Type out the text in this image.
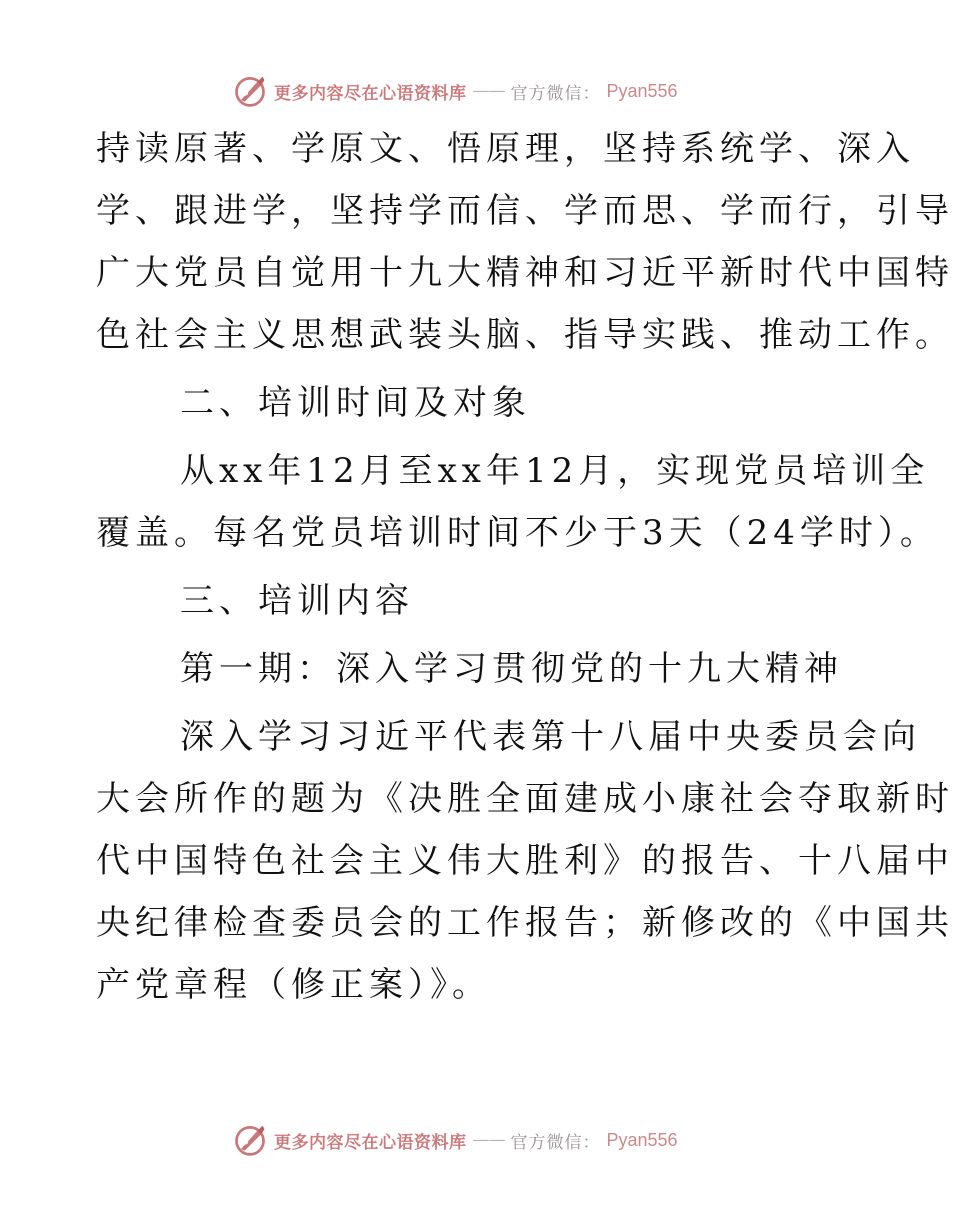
更多内容尽在心语资料库 —— 官方微信： Pyan556
持读原著、学原文、悟原理，坚持系统学、深入
学、跟进学，坚持学而信、学而思、学而行，引导
广大党员自觉用十九大精神和习近平新时代中国特
色社会主义思想武装头脑、指导实践、推动工作。
二、培训时间及对象
从xx年12月至xx年12月，实现党员培训全
覆盖。每名党员培训时间不少于3天（24学时）。
三、培训内容
第一期：深入学习贯彻党的十九大精神
深入学习习近平代表第十八届中央委员会向
大会所作的题为《决胜全面建成小康社会夺取新时
代中国特色社会主义伟大胜利》的报告、十八届中
央纪律检查委员会的工作报告；新修改的《中国共
产党章程（修正案）》。
更多内容尽在心语资料库 —— 官方微信： Pyan556
